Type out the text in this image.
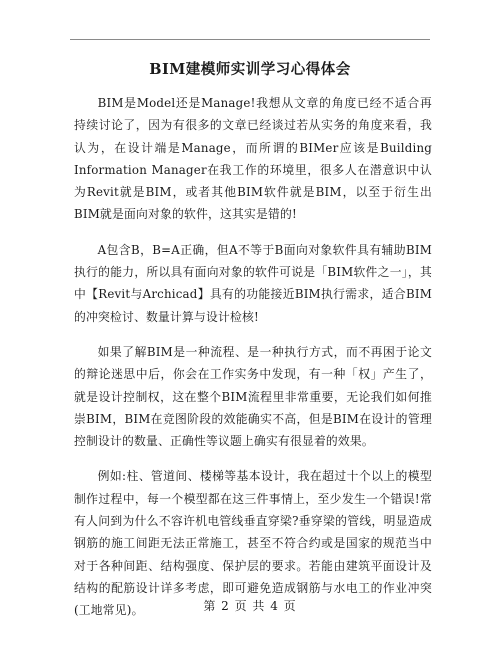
BIM建模师实训学习心得体会

BIM是Model还是Manage!我想从文章的角度已经不适合再持续讨论了，因为有很多的文章已经谈过若从实务的角度来看，我认为，在设计端是Manage，而所谓的BIMer应该是Building Information Manager在我工作的环境里，很多人在潜意识中认为Revit就是BIM，或者其他BIM软件就是BIM，以至于衍生出BIM就是面向对象的软件，这其实是错的!

A包含B，B=A正确，但A不等于B面向对象软件具有辅助BIM执行的能力，所以具有面向对象的软件可说是「BIM软件之一」，其中【Revit与Archicad】具有的功能接近BIM执行需求，适合BIM的冲突检讨、数量计算与设计检核!

如果了解BIM是一种流程、是一种执行方式，而不再困于论文的辩论迷思中后，你会在工作实务中发现，有一种「权」产生了，就是设计控制权，这在整个BIM流程里非常重要，无论我们如何推崇BIM，BIM在竞图阶段的效能确实不高，但是BIM在设计的管理控制设计的数量、正确性等议题上确实有很显着的效果。

例如:柱、管道间、楼梯等基本设计，我在超过十个以上的模型制作过程中，每一个模型都在这三件事情上，至少发生一个错误!常有人问到为什么不容许机电管线垂直穿梁?垂穿梁的管线，明显造成钢筋的施工间距无法正常施工，甚至不符合约或是国家的规范当中对于各种间距、结构强度、保护层的要求。若能由建筑平面设计及结构的配筋设计详多考虑，即可避免造成钢筋与水电工的作业冲突(工地常见)。	第 2 页 共 4 页
